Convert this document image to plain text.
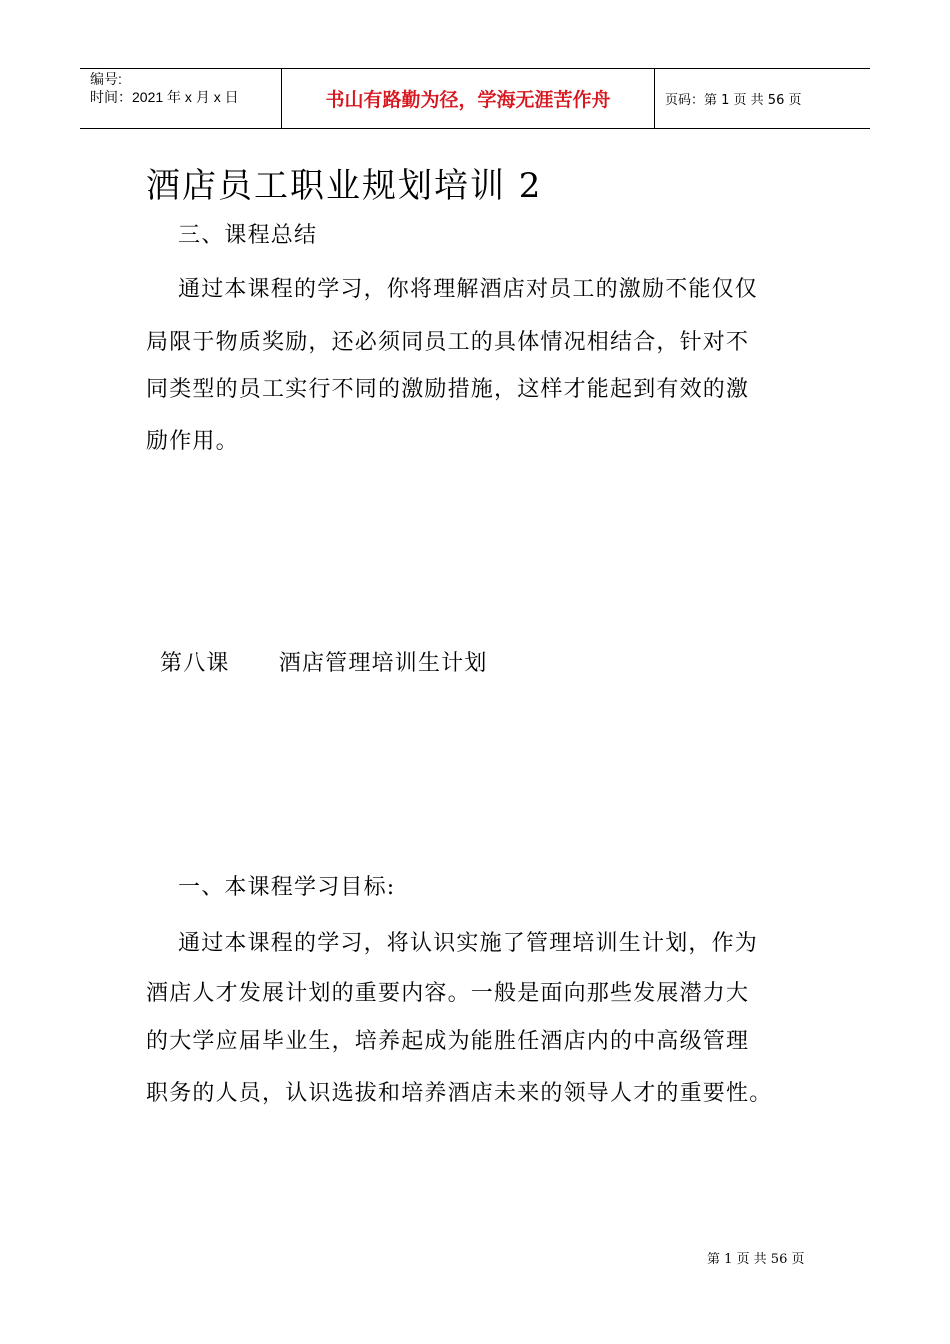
编号:
时间：2021 年 x 月 x 日	书山有路勤为径，学海无涯苦作舟	页码：第 1 页 共 56 页
酒店员工职业规划培训 2
三、课程总结
通过本课程的学习，你将理解酒店对员工的激励不能仅仅
局限于物质奖励，还必须同员工的具体情况相结合，针对不
同类型的员工实行不同的激励措施，这样才能起到有效的激
励作用。
第八课      酒店管理培训生计划
一、本课程学习目标:
通过本课程的学习，将认识实施了管理培训生计划，作为
酒店人才发展计划的重要内容。一般是面向那些发展潜力大
的大学应届毕业生，培养起成为能胜任酒店内的中高级管理
职务的人员，认识选拔和培养酒店未来的领导人才的重要性。
第 1 页 共 56 页
